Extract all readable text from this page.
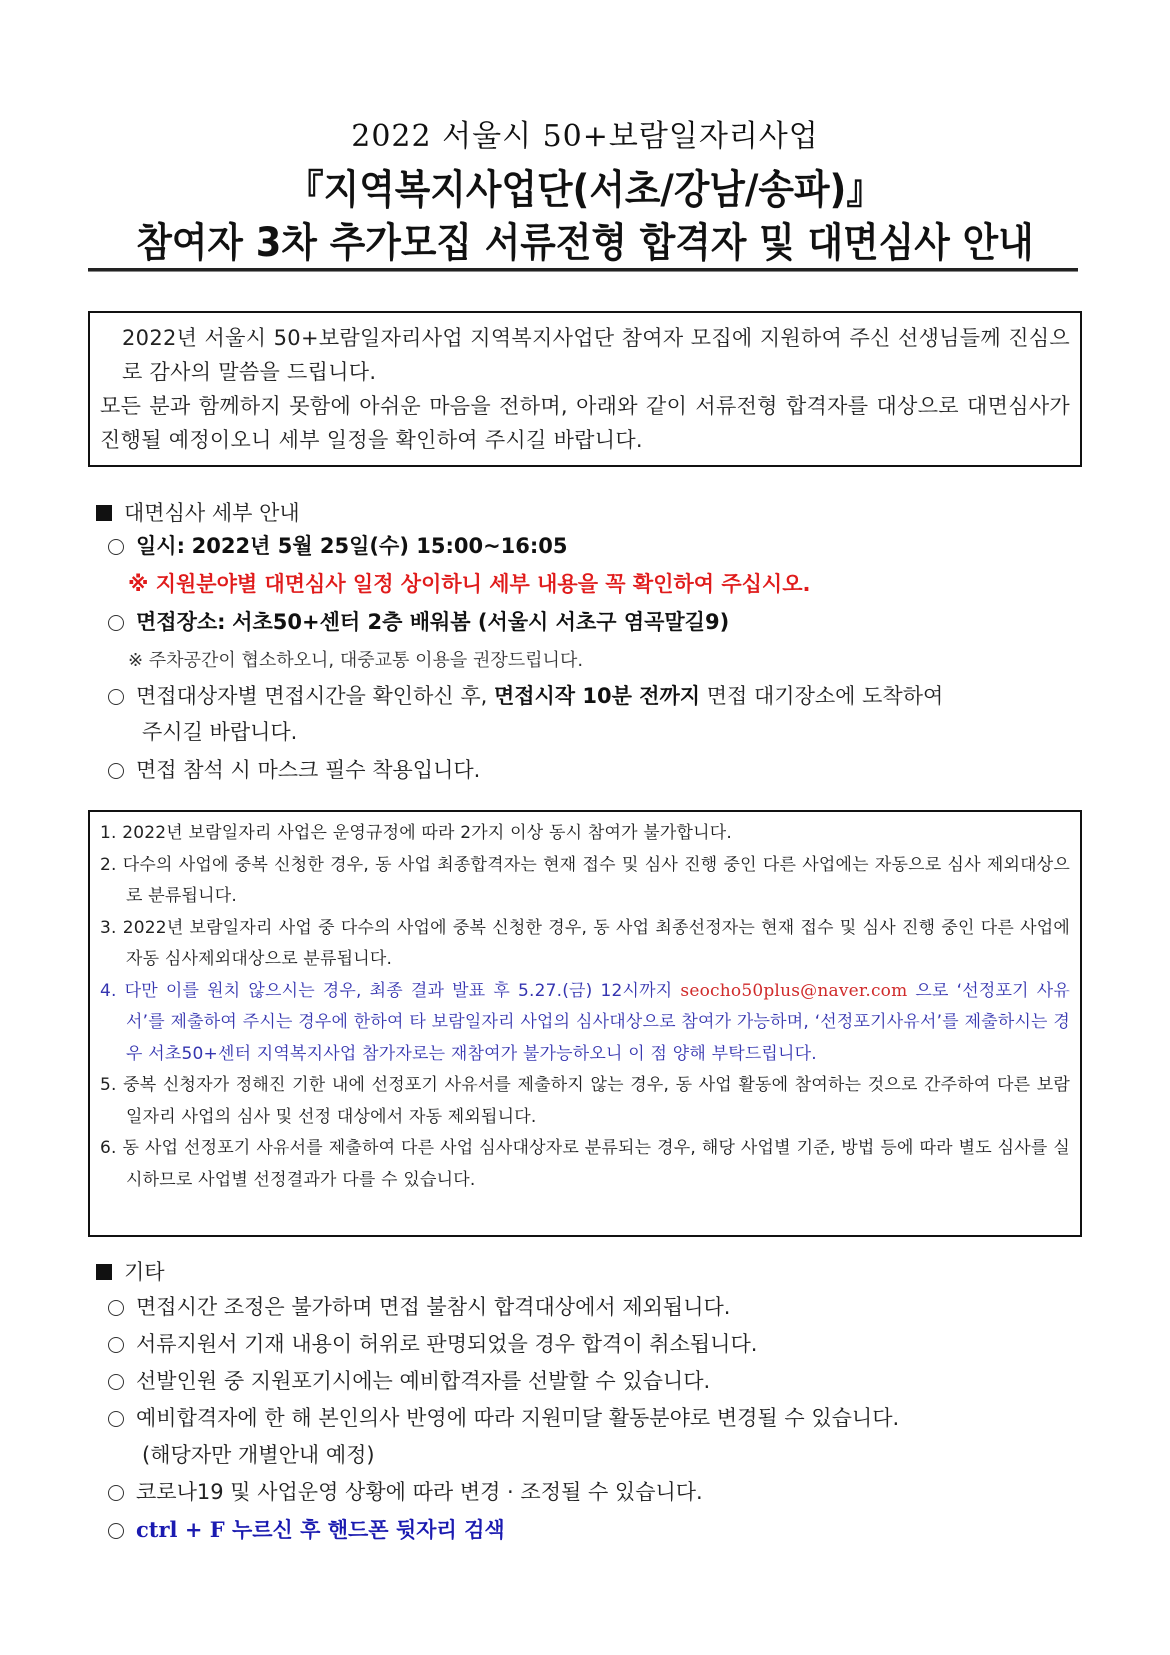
2022 서울시 50+보람일자리사업
『지역복지사업단(서초/강남/송파)』
참여자 3차 추가모집 서류전형 합격자 및 대면심사 안내

2022년 서울시 50+보람일자리사업 지역복지사업단 참여자 모집에 지원하여 주신 선생님들께 진심으로 감사의 말씀을 드립니다.

모든 분과 함께하지 못함에 아쉬운 마음을 전하며, 아래와 같이 서류전형 합격자를 대상으로 대면심사가 진행될 예정이오니 세부 일정을 확인하여 주시길 바랍니다.

대면심사 세부 안내
일시: 2022년 5월 25일(수) 15:00~16:05
※ 지원분야별 대면심사 일정 상이하니 세부 내용을 꼭 확인하여 주십시오.
면접장소: 서초50+센터 2층 배워봄 (서울시 서초구 염곡말길9)
※ 주차공간이 협소하오니, 대중교통 이용을 권장드립니다.
면접대상자별 면접시간을 확인하신 후, 면접시작 10분 전까지 면접 대기장소에 도착하여
주시길 바랍니다.
면접 참석 시 마스크 필수 착용입니다.
1. 2022년 보람일자리 사업은 운영규정에 따라 2가지 이상 동시 참여가 불가합니다.
2. 다수의 사업에 중복 신청한 경우, 동 사업 최종합격자는 현재 접수 및 심사 진행 중인 다른 사업에는 자동으로 심사 제외대상으로 분류됩니다.
3. 2022년 보람일자리 사업 중 다수의 사업에 중복 신청한 경우, 동 사업 최종선정자는 현재 접수 및 심사 진행 중인 다른 사업에 자동 심사제외대상으로 분류됩니다.
4. 다만 이를 원치 않으시는 경우, 최종 결과 발표 후 5.27.(금) 12시까지 seocho50plus@naver.com 으로 ‘선정포기 사유서’를 제출하여 주시는 경우에 한하여 타 보람일자리 사업의 심사대상으로 참여가 가능하며, ‘선정포기사유서’를 제출하시는 경우 서초50+센터 지역복지사업 참가자로는 재참여가 불가능하오니 이 점 양해 부탁드립니다.
5. 중복 신청자가 정해진 기한 내에 선정포기 사유서를 제출하지 않는 경우, 동 사업 활동에 참여하는 것으로 간주하여 다른 보람일자리 사업의 심사 및 선정 대상에서 자동 제외됩니다.
6. 동 사업 선정포기 사유서를 제출하여 다른 사업 심사대상자로 분류되는 경우, 해당 사업별 기준, 방법 등에 따라 별도 심사를 실시하므로 사업별 선정결과가 다를 수 있습니다.
기타
면접시간 조정은 불가하며 면접 불참시 합격대상에서 제외됩니다.
서류지원서 기재 내용이 허위로 판명되었을 경우 합격이 취소됩니다.
선발인원 중 지원포기시에는 예비합격자를 선발할 수 있습니다.
예비합격자에 한 해 본인의사 반영에 따라 지원미달 활동분야로 변경될 수 있습니다.
(해당자만 개별안내 예정)
코로나19 및 사업운영 상황에 따라 변경 · 조정될 수 있습니다.
ctrl + F 누르신 후 핸드폰 뒷자리 검색
